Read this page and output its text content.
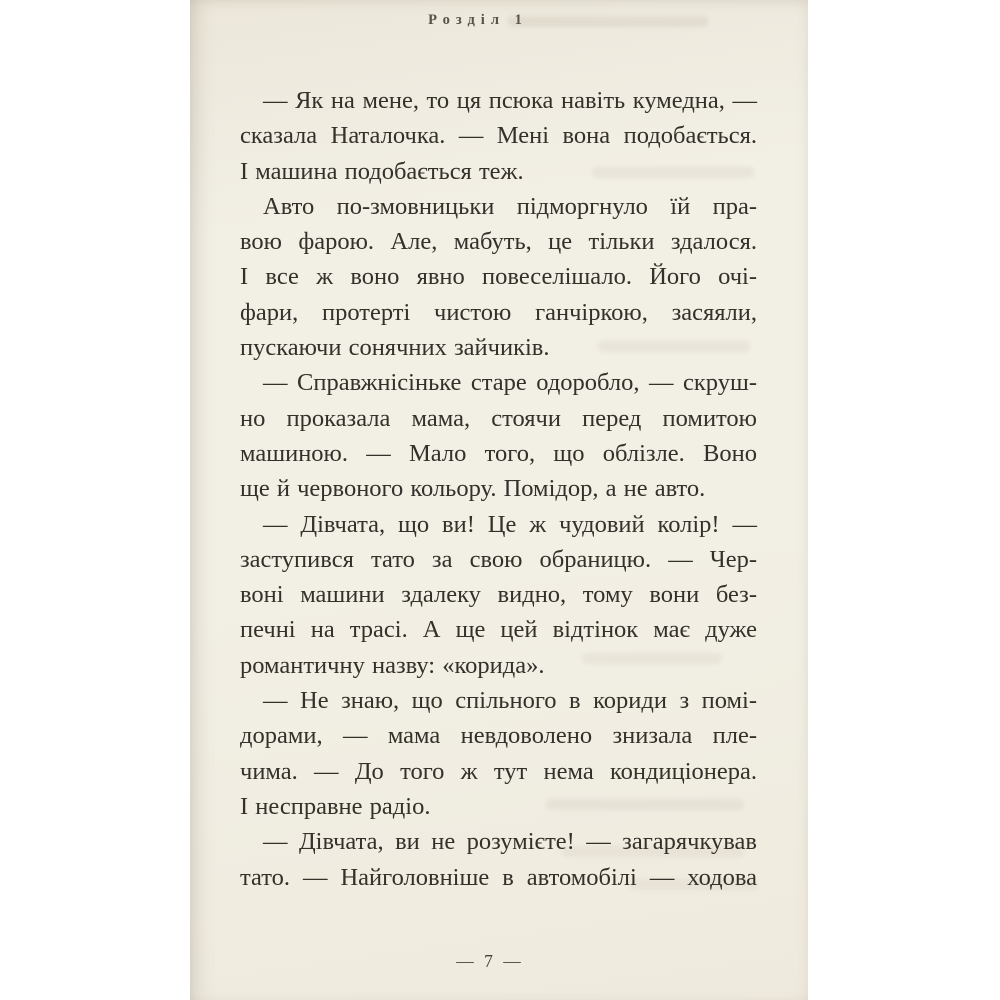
Розділ 1
— Як на мене, то ця псюка навіть кумедна, —
сказала Наталочка. — Мені вона подобається.
І машина подобається теж.
Авто по-змовницьки підморгнуло їй пра-
вою фарою. Але, мабуть, це тільки здалося.
І все ж воно явно повеселішало. Його очі-
фари, протерті чистою ганчіркою, засяяли,
пускаючи сонячних зайчиків.
— Справжнісіньке старе одоробло, — скруш-
но проказала мама, стоячи перед помитою
машиною. — Мало того, що облізле. Воно
ще й червоного кольору. Помідор, а не авто.
— Дівчата, що ви! Це ж чудовий колір! —
заступився тато за свою обраницю. — Чер-
воні машини здалеку видно, тому вони без-
печні на трасі. А ще цей відтінок має дуже
романтичну назву: «корида».
— Не знаю, що спільного в кориди з помі-
дорами, — мама невдоволено знизала пле-
чима. — До того ж тут нема кондиціонера.
І несправне радіо.
— Дівчата, ви не розумієте! — загарячкував
тато. — Найголовніше в автомобілі — ходова
— 7 —
